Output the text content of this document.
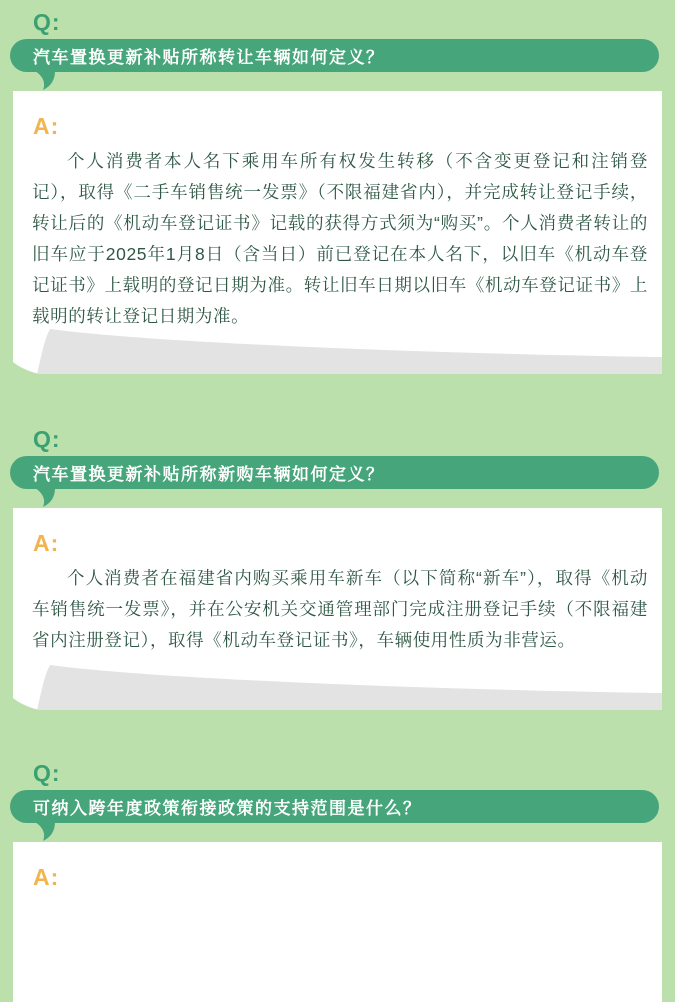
Q:
汽车置换更新补贴所称转让车辆如何定义？
A:
个人消费者本人名下乘用车所有权发生转移（不含变更登记和注销登记），取得《二手车销售统一发票》（不限福建省内），并完成转让登记手续，转让后的《机动车登记证书》记载的获得方式须为“购买”。个人消费者转让的旧车应于2025年1月8日（含当日）前已登记在本人名下，以旧车《机动车登记证书》上载明的登记日期为准。转让旧车日期以旧车《机动车登记证书》上载明的转让登记日期为准。
Q:
汽车置换更新补贴所称新购车辆如何定义？
A:
个人消费者在福建省内购买乘用车新车（以下简称“新车”），取得《机动车销售统一发票》，并在公安机关交通管理部门完成注册登记手续（不限福建省内注册登记），取得《机动车登记证书》，车辆使用性质为非营运。
Q:
可纳入跨年度政策衔接政策的支持范围是什么？
A:
